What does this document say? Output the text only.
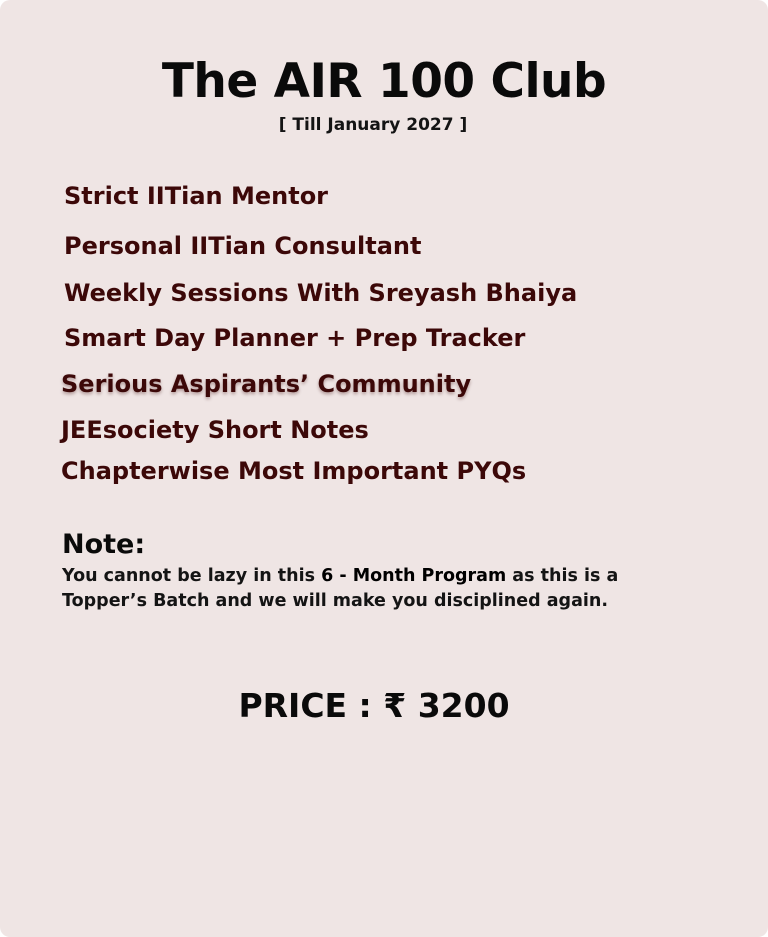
The AIR 100 Club
[ Till January 2027 ]
Strict IITian Mentor
Personal IITian Consultant
Weekly Sessions With Sreyash Bhaiya
Smart Day Planner + Prep Tracker
Serious Aspirants’ Community
JEEsociety Short Notes
Chapterwise Most Important PYQs
Note:
You cannot be lazy in this 6 - Month Program as this is a Topper’s Batch and we will make you disciplined again.
PRICE : ₹ 3200
